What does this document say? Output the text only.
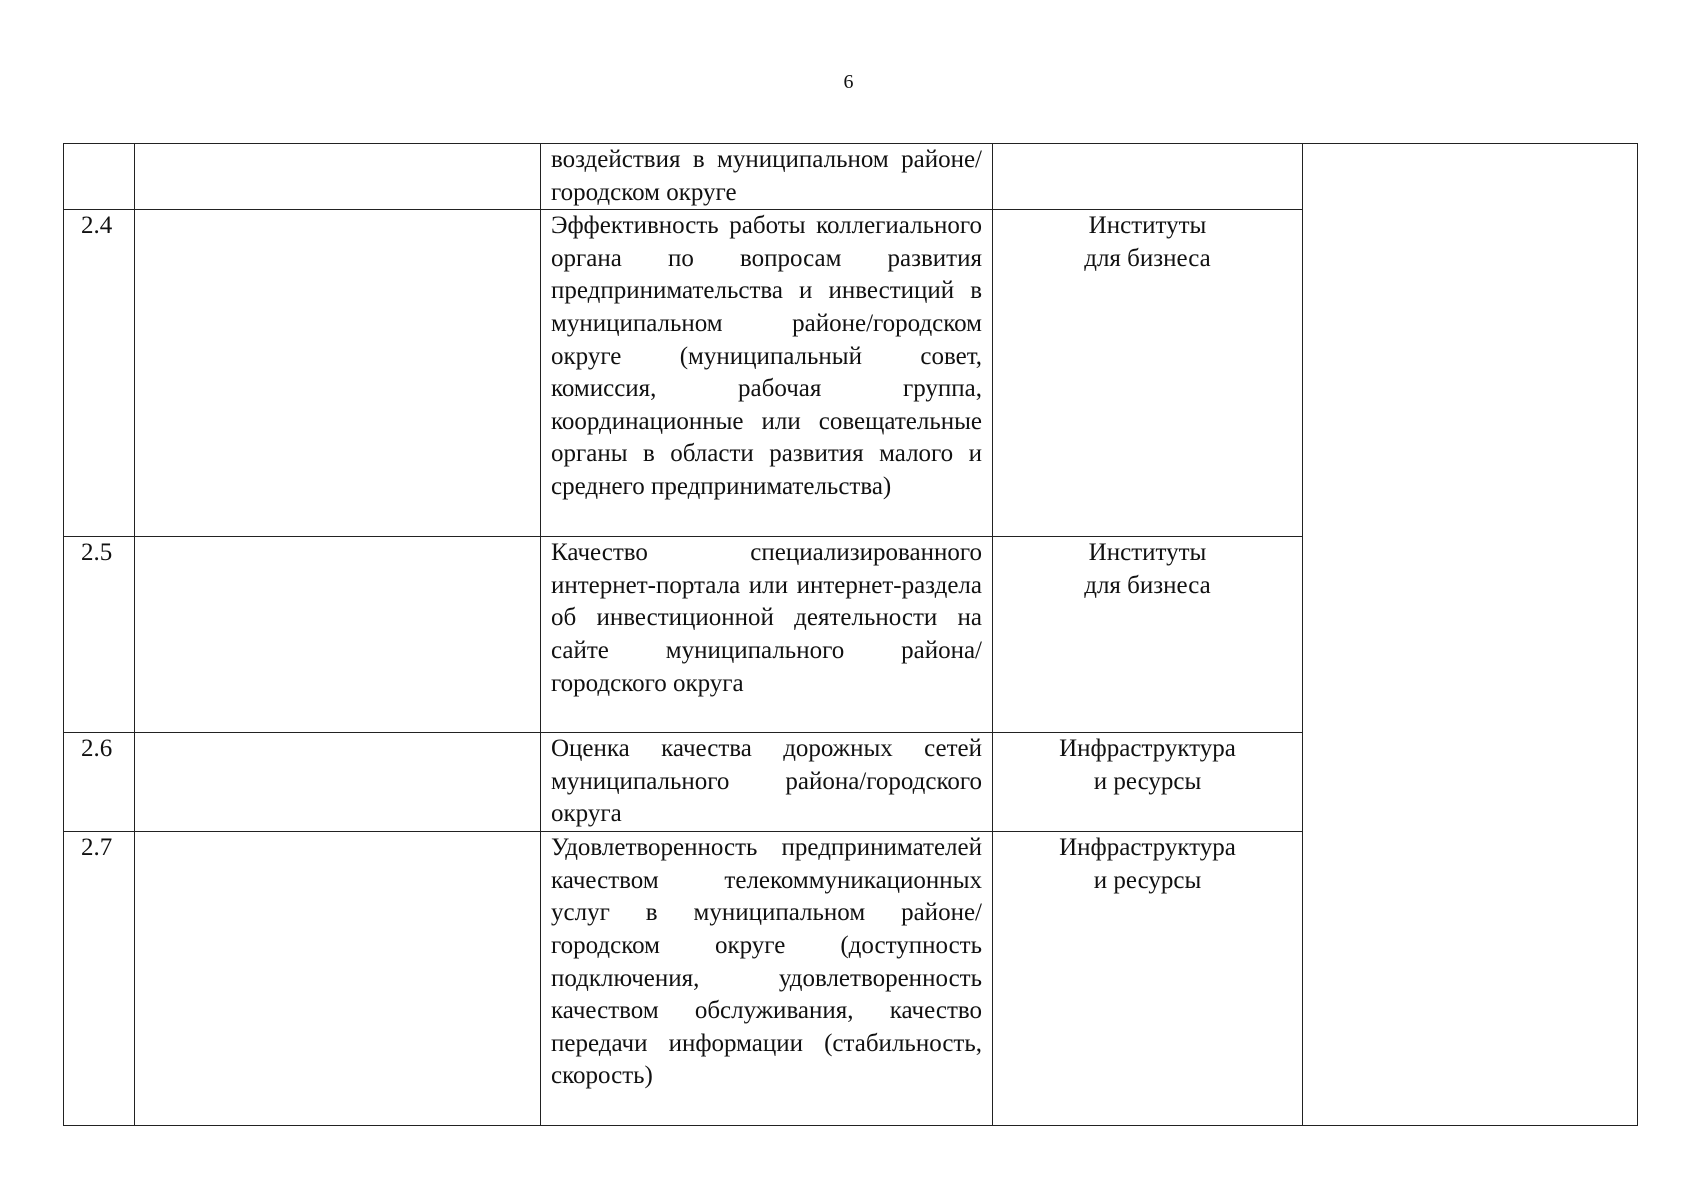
6
		воздействия в муниципальном районе/ городском округе		
2.4		Эффективность работы коллегиального органа по вопросам развития предпринимательства и инвестиций в муниципальном районе/городском округе (муниципальный совет, комиссия, рабочая группа, координационные или совещательные органы в области развития малого и среднего предпринимательства)	Институты
для бизнеса	
2.5		Качество специализированного интернет-портала или интернет-раздела об инвестиционной деятельности на сайте муниципального района/ городского округа	Институты
для бизнеса	
2.6		Оценка качества дорожных сетей муниципального района/городского округа	Инфраструктура
и ресурсы	
2.7		Удовлетворенность предпринимателей качеством телекоммуникационных услуг в муниципальном районе/ городском округе (доступность подключения, удовлетворенность качеством обслуживания, качество передачи информации (стабильность, скорость)	Инфраструктура
и ресурсы	
